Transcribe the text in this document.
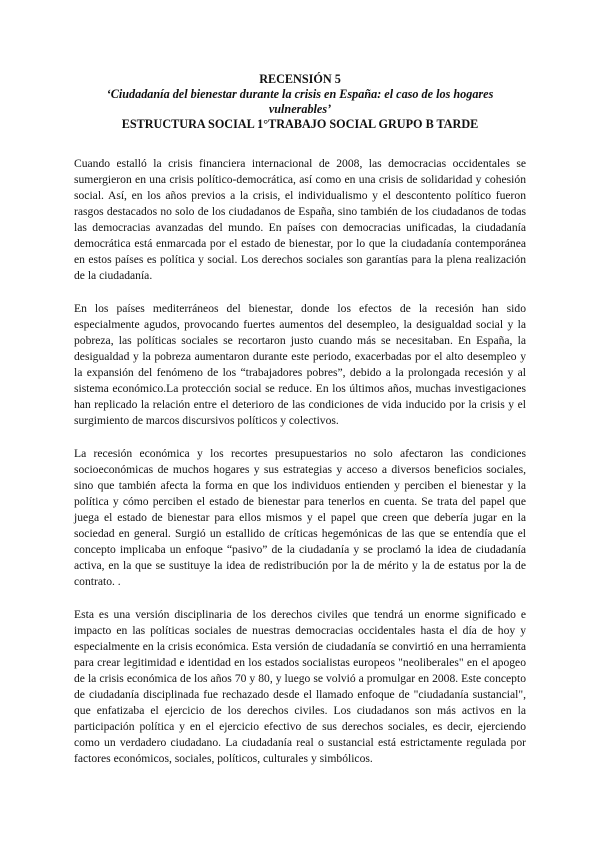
RECENSIÓN 5
‘Ciudadanía del bienestar durante la crisis en España: el caso de los hogares vulnerables’
ESTRUCTURA SOCIAL 1°TRABAJO SOCIAL GRUPO B TARDE

Cuando estalló la crisis financiera internacional de 2008, las democracias occidentales se sumergieron en una crisis político-democrática, así como en una crisis de solidaridad y cohesión social. Así, en los años previos a la crisis, el individualismo y el descontento político fueron rasgos destacados no solo de los ciudadanos de España, sino también de los ciudadanos de todas las democracias avanzadas del mundo. En países con democracias unificadas, la ciudadanía democrática está enmarcada por el estado de bienestar, por lo que la ciudadanía contemporánea en estos países es política y social. Los derechos sociales son garantías para la plena realización de la ciudadanía.

En los países mediterráneos del bienestar, donde los efectos de la recesión han sido especialmente agudos, provocando fuertes aumentos del desempleo, la desigualdad social y la pobreza, las políticas sociales se recortaron justo cuando más se necesitaban. En España, la desigualdad y la pobreza aumentaron durante este periodo, exacerbadas por el alto desempleo y la expansión del fenómeno de los “trabajadores pobres”, debido a la prolongada recesión y al sistema económico.La protección social se reduce. En los últimos años, muchas investigaciones han replicado la relación entre el deterioro de las condiciones de vida inducido por la crisis y el surgimiento de marcos discursivos políticos y colectivos.

La recesión económica y los recortes presupuestarios no solo afectaron las condiciones socioeconómicas de muchos hogares y sus estrategias y acceso a diversos beneficios sociales, sino que también afecta la forma en que los individuos entienden y perciben el bienestar y la política y cómo perciben el estado de bienestar para tenerlos en cuenta. Se trata del papel que juega el estado de bienestar para ellos mismos y el papel que creen que debería jugar en la sociedad en general. Surgió un estallido de críticas hegemónicas de las que se entendía que el concepto implicaba un enfoque “pasivo” de la ciudadanía y se proclamó la idea de ciudadanía activa, en la que se sustituye la idea de redistribución por la de mérito y la de estatus por la de contrato. .

Esta es una versión disciplinaria de los derechos civiles que tendrá un enorme significado e impacto en las políticas sociales de nuestras democracias occidentales hasta el día de hoy y especialmente en la crisis económica. Esta versión de ciudadanía se convirtió en una herramienta para crear legitimidad e identidad en los estados socialistas europeos "neoliberales" en el apogeo de la crisis económica de los años 70 y 80, y luego se volvió a promulgar en 2008. Este concepto de ciudadanía disciplinada fue rechazado desde el llamado enfoque de "ciudadanía sustancial", que enfatizaba el ejercicio de los derechos civiles. Los ciudadanos son más activos en la participación política y en el ejercicio efectivo de sus derechos sociales, es decir, ejerciendo como un verdadero ciudadano. La ciudadanía real o sustancial está estrictamente regulada por factores económicos, sociales, políticos, culturales y simbólicos.
